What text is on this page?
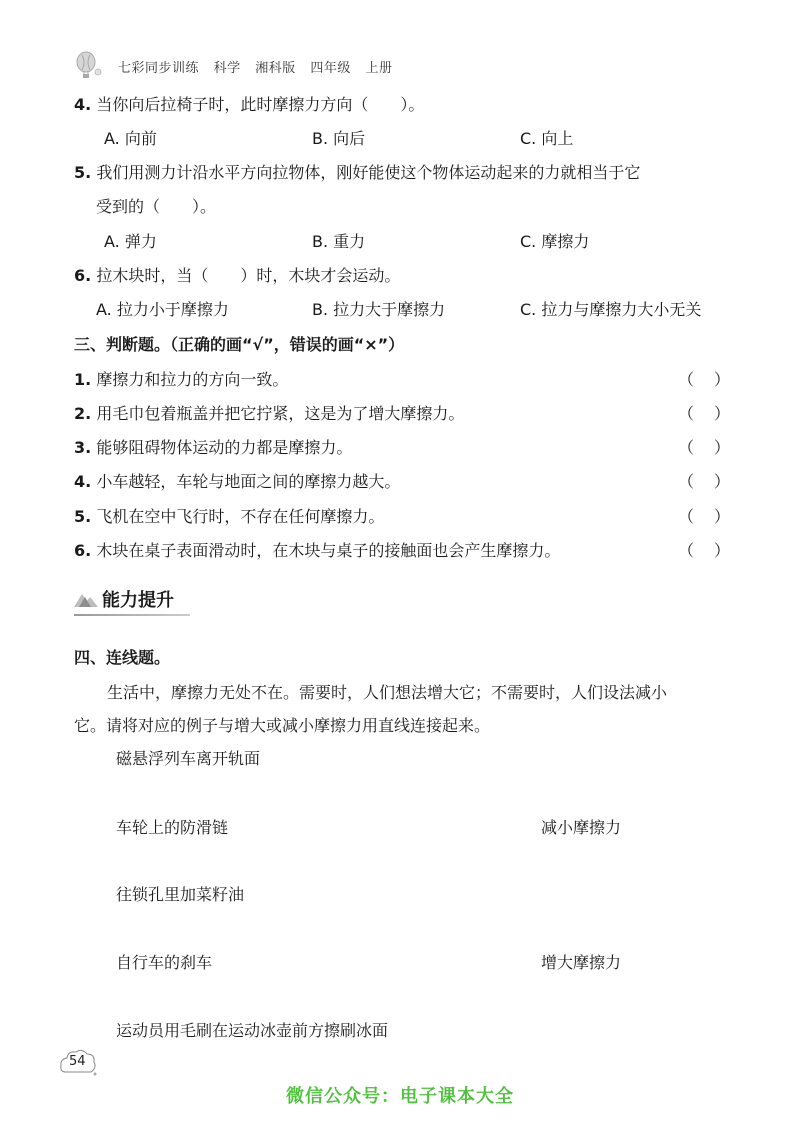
七彩同步训练 科学 湘科版 四年级 上册
4. 当你向后拉椅子时，此时摩擦力方向（　　）。
A. 向前	B. 向后	C. 向上
5. 我们用测力计沿水平方向拉物体，刚好能使这个物体运动起来的力就相当于它
受到的（　　）。
A. 弹力	B. 重力	C. 摩擦力
6. 拉木块时，当（　　）时，木块才会运动。
A. 拉力小于摩擦力	B. 拉力大于摩擦力	C. 拉力与摩擦力大小无关
三、判断题。（正确的画“√”，错误的画“×”）
1. 摩擦力和拉力的方向一致。	（ ）
2. 用毛巾包着瓶盖并把它拧紧，这是为了增大摩擦力。	（ ）
3. 能够阻碍物体运动的力都是摩擦力。	（ ）
4. 小车越轻，车轮与地面之间的摩擦力越大。	（ ）
5. 飞机在空中飞行时，不存在任何摩擦力。	（ ）
6. 木块在桌子表面滑动时，在木块与桌子的接触面也会产生摩擦力。	（ ）
能力提升
四、连线题。
生活中，摩擦力无处不在。需要时，人们想法增大它；不需要时，人们设法减小
它。请将对应的例子与增大或减小摩擦力用直线连接起来。
磁悬浮列车离开轨面
车轮上的防滑链
往锁孔里加菜籽油
自行车的刹车
运动员用毛刷在运动冰壶前方擦刷冰面
减小摩擦力
增大摩擦力
54
微信公众号：电子课本大全
